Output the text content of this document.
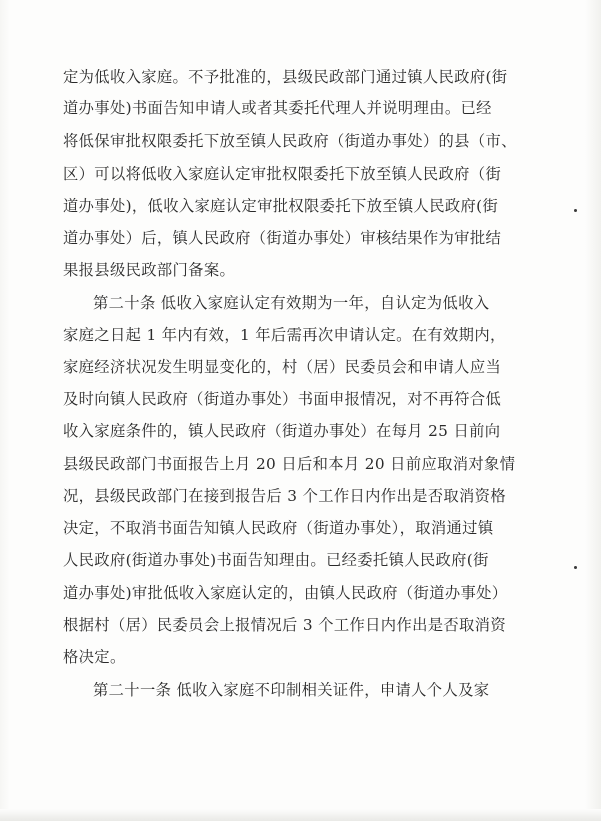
定为低收入家庭。不予批准的，县级民政部门通过镇人民政府(街
道办事处)书面告知申请人或者其委托代理人并说明理由。已经
将低保审批权限委托下放至镇人民政府（街道办事处）的县（市、
区）可以将低收入家庭认定审批权限委托下放至镇人民政府（街
道办事处)，低收入家庭认定审批权限委托下放至镇人民政府(街
道办事处）后，镇人民政府（街道办事处）审核结果作为审批结
果报县级民政部门备案。
第二十条 低收入家庭认定有效期为一年，自认定为低收入
家庭之日起 1 年内有效，1 年后需再次申请认定。在有效期内，
家庭经济状况发生明显变化的，村（居）民委员会和申请人应当
及时向镇人民政府（街道办事处）书面申报情况，对不再符合低
收入家庭条件的，镇人民政府（街道办事处）在每月 25 日前向
县级民政部门书面报告上月 20 日后和本月 20 日前应取消对象情
况，县级民政部门在接到报告后 3 个工作日内作出是否取消资格
决定，不取消书面告知镇人民政府（街道办事处），取消通过镇
人民政府(街道办事处)书面告知理由。已经委托镇人民政府(街
道办事处)审批低收入家庭认定的，由镇人民政府（街道办事处）
根据村（居）民委员会上报情况后 3 个工作日内作出是否取消资
格决定。
第二十一条 低收入家庭不印制相关证件，申请人个人及家
